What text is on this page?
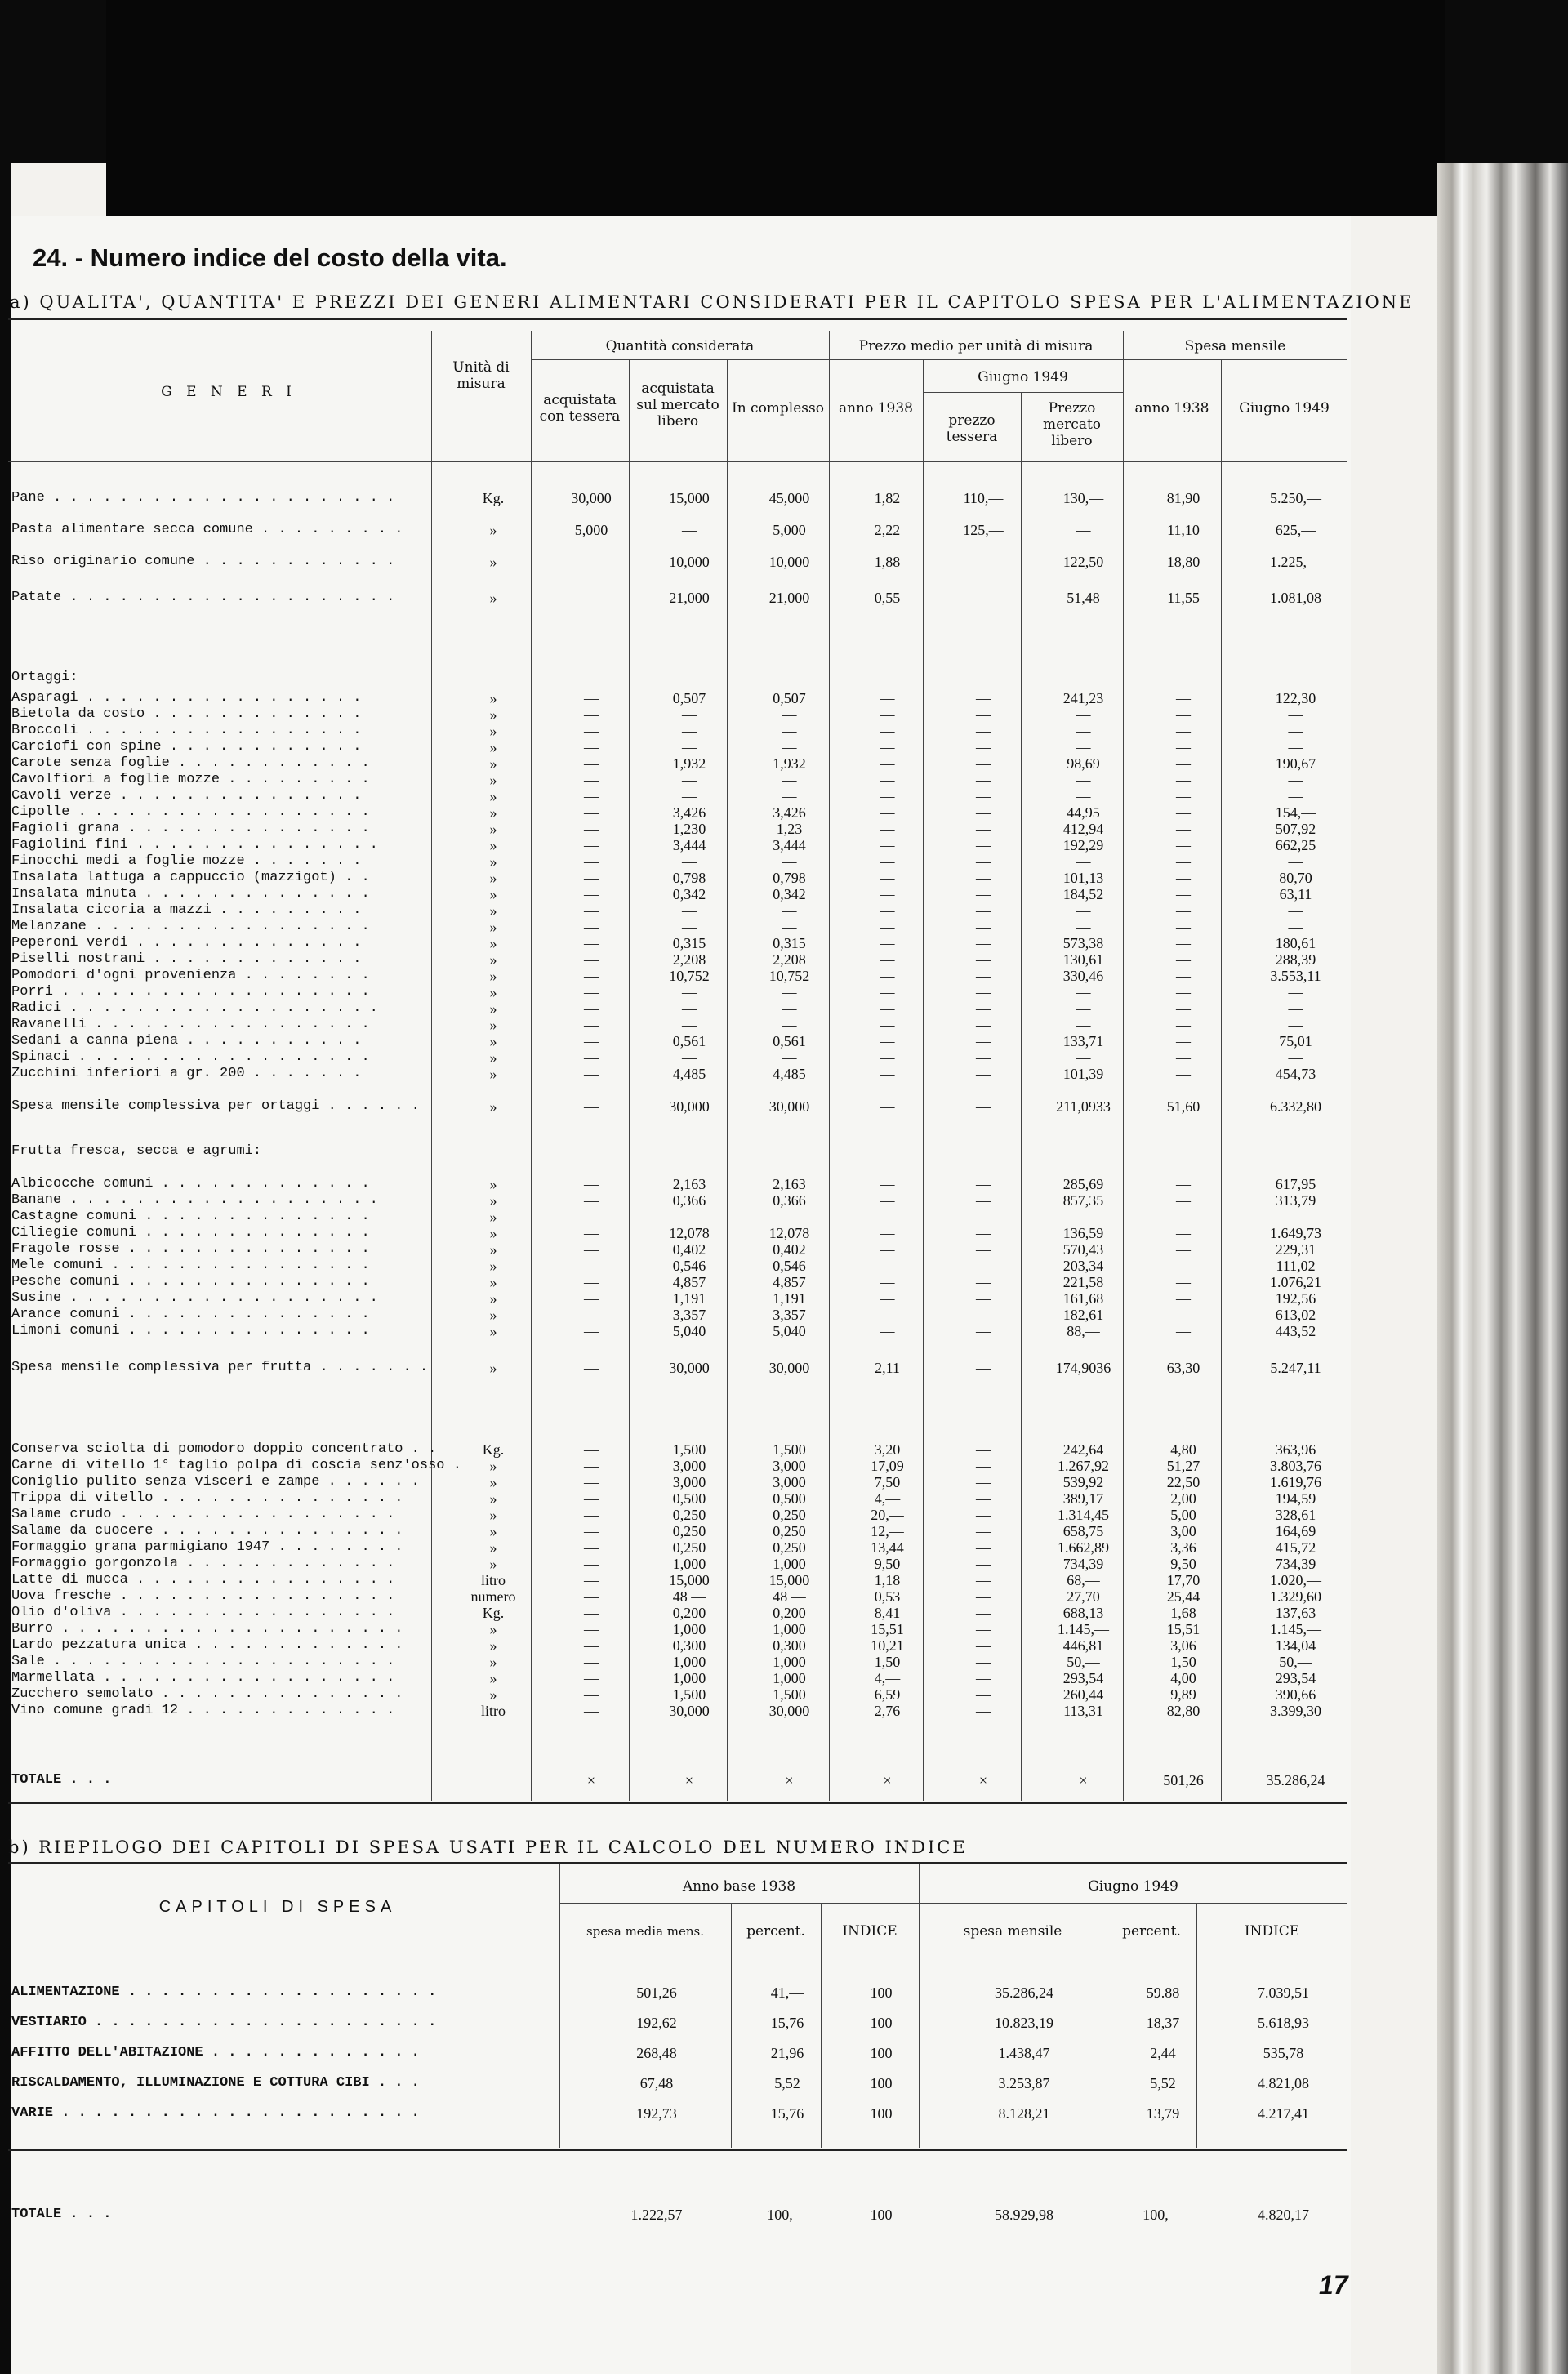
24. - Numero indice del costo della vita.
a) QUALITA', QUANTITA' E PREZZI DEI GENERI ALIMENTARI CONSIDERATI PER IL CAPITOLO SPESA PER L'ALIMENTAZIONE
G E N E R I
Unità di misura
Quantità considerata
acquistata con tessera
acquistata sul mercato libero
In complesso
Prezzo medio per unità di misura
anno 1938
Giugno 1949
prezzo tessera
Prezzo mercato libero
Spesa mensile
anno 1938	Giugno 1949
Pane . . . . . . . . . . . . . . . . . . . . .	Kg.	30,000	15,000	45,000	1,82	110,—	130,—	81,90	5.250,—
Pasta alimentare secca comune . . . . . . . . .	»	5,000	—	5,000	2,22	125,—	—	11,10	625,—
Riso originario comune . . . . . . . . . . . .	»	—	10,000	10,000	1,88	—	122,50	18,80	1.225,—
Patate . . . . . . . . . . . . . . . . . . . .	»	—	21,000	21,000	0,55	—	51,48	11,55	1.081,08
Ortaggi:
Asparagi . . . . . . . . . . . . . . . . .	»	—	0,507	0,507	—	—	241,23	—	122,30
Bietola da costo . . . . . . . . . . . . .	»	—	—	—	—	—	—	—	—
Broccoli . . . . . . . . . . . . . . . . .	»	—	—	—	—	—	—	—	—
Carciofi con spine . . . . . . . . . . . .	»	—	—	—	—	—	—	—	—
Carote senza foglie . . . . . . . . . . . .	»	—	1,932	1,932	—	—	98,69	—	190,67
Cavolfiori a foglie mozze . . . . . . . . .	»	—	—	—	—	—	—	—	—
Cavoli verze . . . . . . . . . . . . . . .	»	—	—	—	—	—	—	—	—
Cipolle . . . . . . . . . . . . . . . . . .	»	—	3,426	3,426	—	—	44,95	—	154,—
Fagioli grana . . . . . . . . . . . . . . .	»	—	1,230	1,23	—	—	412,94	—	507,92
Fagiolini fini . . . . . . . . . . . . . . .	»	—	3,444	3,444	—	—	192,29	—	662,25
Finocchi medi a foglie mozze . . . . . . .	»	—	—	—	—	—	—	—	—
Insalata lattuga a cappuccio (mazzigot) . .	»	—	0,798	0,798	—	—	101,13	—	80,70
Insalata minuta . . . . . . . . . . . . . .	»	—	0,342	0,342	—	—	184,52	—	63,11
Insalata cicoria a mazzi . . . . . . . . .	»	—	—	—	—	—	—	—	—
Melanzane . . . . . . . . . . . . . . . . .	»	—	—	—	—	—	—	—	—
Peperoni verdi . . . . . . . . . . . . . .	»	—	0,315	0,315	—	—	573,38	—	180,61
Piselli nostrani . . . . . . . . . . . . .	»	—	2,208	2,208	—	—	130,61	—	288,39
Pomodori d'ogni provenienza . . . . . . . .	»	—	10,752	10,752	—	—	330,46	—	3.553,11
Porri . . . . . . . . . . . . . . . . . . .	»	—	—	—	—	—	—	—	—
Radici . . . . . . . . . . . . . . . . . . .	»	—	—	—	—	—	—	—	—
Ravanelli . . . . . . . . . . . . . . . . .	»	—	—	—	—	—	—	—	—
Sedani a canna piena . . . . . . . . . . .	»	—	0,561	0,561	—	—	133,71	—	75,01
Spinaci . . . . . . . . . . . . . . . . . .	»	—	—	—	—	—	—	—	—
Zucchini inferiori a gr. 200 . . . . . . .	»	—	4,485	4,485	—	—	101,39	—	454,73
Spesa mensile complessiva per ortaggi . . . . . .	»	—	30,000	30,000	—	—	211,0933	51,60	6.332,80
Frutta fresca, secca e agrumi:
Albicocche comuni . . . . . . . . . . . . .	»	—	2,163	2,163	—	—	285,69	—	617,95
Banane . . . . . . . . . . . . . . . . . . .	»	—	0,366	0,366	—	—	857,35	—	313,79
Castagne comuni . . . . . . . . . . . . . .	»	—	—	—	—	—	—	—	—
Ciliegie comuni . . . . . . . . . . . . . .	»	—	12,078	12,078	—	—	136,59	—	1.649,73
Fragole rosse . . . . . . . . . . . . . . .	»	—	0,402	0,402	—	—	570,43	—	229,31
Mele comuni . . . . . . . . . . . . . . . .	»	—	0,546	0,546	—	—	203,34	—	111,02
Pesche comuni . . . . . . . . . . . . . . .	»	—	4,857	4,857	—	—	221,58	—	1.076,21
Susine . . . . . . . . . . . . . . . . . . .	»	—	1,191	1,191	—	—	161,68	—	192,56
Arance comuni . . . . . . . . . . . . . . .	»	—	3,357	3,357	—	—	182,61	—	613,02
Limoni comuni . . . . . . . . . . . . . . .	»	—	5,040	5,040	—	—	88,—	—	443,52
Spesa mensile complessiva per frutta . . . . . . .	»	—	30,000	30,000	2,11	—	174,9036	63,30	5.247,11
Conserva sciolta di pomodoro doppio concentrato . .	Kg.	—	1,500	1,500	3,20	—	242,64	4,80	363,96
Carne di vitello 1° taglio polpa di coscia senz'osso .	»	—	3,000	3,000	17,09	—	1.267,92	51,27	3.803,76
Coniglio pulito senza visceri e zampe . . . . . .	»	—	3,000	3,000	7,50	—	539,92	22,50	1.619,76
Trippa di vitello . . . . . . . . . . . . . . .	»	—	0,500	0,500	4,—	—	389,17	2,00	194,59
Salame crudo . . . . . . . . . . . . . . . . .	»	—	0,250	0,250	20,—	—	1.314,45	5,00	328,61
Salame da cuocere . . . . . . . . . . . . . . .	»	—	0,250	0,250	12,—	—	658,75	3,00	164,69
Formaggio grana parmigiano 1947 . . . . . . . .	»	—	0,250	0,250	13,44	—	1.662,89	3,36	415,72
Formaggio gorgonzola . . . . . . . . . . . . .	»	—	1,000	1,000	9,50	—	734,39	9,50	734,39
Latte di mucca . . . . . . . . . . . . . . . .	litro	—	15,000	15,000	1,18	—	68,—	17,70	1.020,—
Uova fresche . . . . . . . . . . . . . . . . .	numero	—	48 —	48 —	0,53	—	27,70	25,44	1.329,60
Olio d'oliva . . . . . . . . . . . . . . . . .	Kg.	—	0,200	0,200	8,41	—	688,13	1,68	137,63
Burro . . . . . . . . . . . . . . . . . . . . .	»	—	1,000	1,000	15,51	—	1.145,—	15,51	1.145,—
Lardo pezzatura unica . . . . . . . . . . . . .	»	—	0,300	0,300	10,21	—	446,81	3,06	134,04
Sale . . . . . . . . . . . . . . . . . . . . .	»	—	1,000	1,000	1,50	—	50,—	1,50	50,—
Marmellata . . . . . . . . . . . . . . . . . .	»	—	1,000	1,000	4,—	—	293,54	4,00	293,54
Zucchero semolato . . . . . . . . . . . . . . .	»	—	1,500	1,500	6,59	—	260,44	9,89	390,66
Vino comune gradi 12 . . . . . . . . . . . . .	litro	—	30,000	30,000	2,76	—	113,31	82,80	3.399,30
TOTALE . . .	×	×	×	×	×	×	501,26	35.286,24
b) RIEPILOGO DEI CAPITOLI DI SPESA USATI PER IL CALCOLO DEL NUMERO INDICE
CAPITOLI DI SPESA
Anno base 1938	Giugno 1949
spesa media mens.	percent.	INDICE	spesa mensile	percent.	INDICE
ALIMENTAZIONE . . . . . . . . . . . . . . . . . . .	501,26	41,—	100	35.286,24	59.88	7.039,51
VESTIARIO . . . . . . . . . . . . . . . . . . . . .	192,62	15,76	100	10.823,19	18,37	5.618,93
AFFITTO DELL'ABITAZIONE . . . . . . . . . . . . .	268,48	21,96	100	1.438,47	2,44	535,78
RISCALDAMENTO, ILLUMINAZIONE E COTTURA CIBI . . .	67,48	5,52	100	3.253,87	5,52	4.821,08
VARIE . . . . . . . . . . . . . . . . . . . . . .	192,73	15,76	100	8.128,21	13,79	4.217,41
TOTALE . . .	1.222,57	100,—	100	58.929,98	100,—	4.820,17
17
